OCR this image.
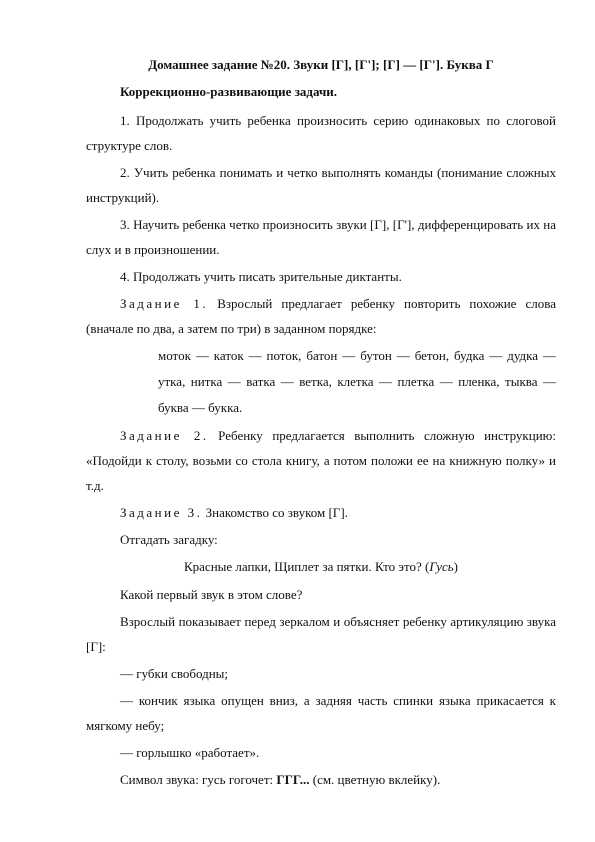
Домашнее задание №20. Звуки [Г], [Г']; [Г] — [Г']. Буква Г

Коррекционно-развивающие задачи.

1. Продолжать учить ребенка произносить серию одинаковых по слоговой структуре слов.

2. Учить ребенка понимать и четко выполнять команды (понимание сложных инструкций).

3. Научить ребенка четко произносить звуки [Г], [Г'], дифференцировать их на слух и в произношении.

4. Продолжать учить писать зрительные диктанты.

Задание 1. Взрослый предлагает ребенку повторить похожие слова (вначале по два, а затем по три) в заданном порядке:

моток — каток — поток, батон — бутон — бетон, будка — дудка — утка, нитка — ватка — ветка, клетка — плетка — пленка, тыква — буква — букка.

Задание 2. Ребенку предлагается выполнить сложную инструкцию: «Подойди к столу, возьми со стола книгу, а потом положи ее на книжную полку» и т.д.

Задание 3. Знакомство со звуком [Г].

Отгадать загадку:

Красные лапки, Щиплет за пятки. Кто это? (Гусь)

Какой первый звук в этом слове?

Взрослый показывает перед зеркалом и объясняет ребенку артикуляцию звука [Г]:

— губки свободны;

— кончик языка опущен вниз, а задняя часть спинки языка прикасается к мягкому небу;

— горлышко «работает».

Символ звука: гусь гогочет: ГГГ... (см. цветную вклейку).
